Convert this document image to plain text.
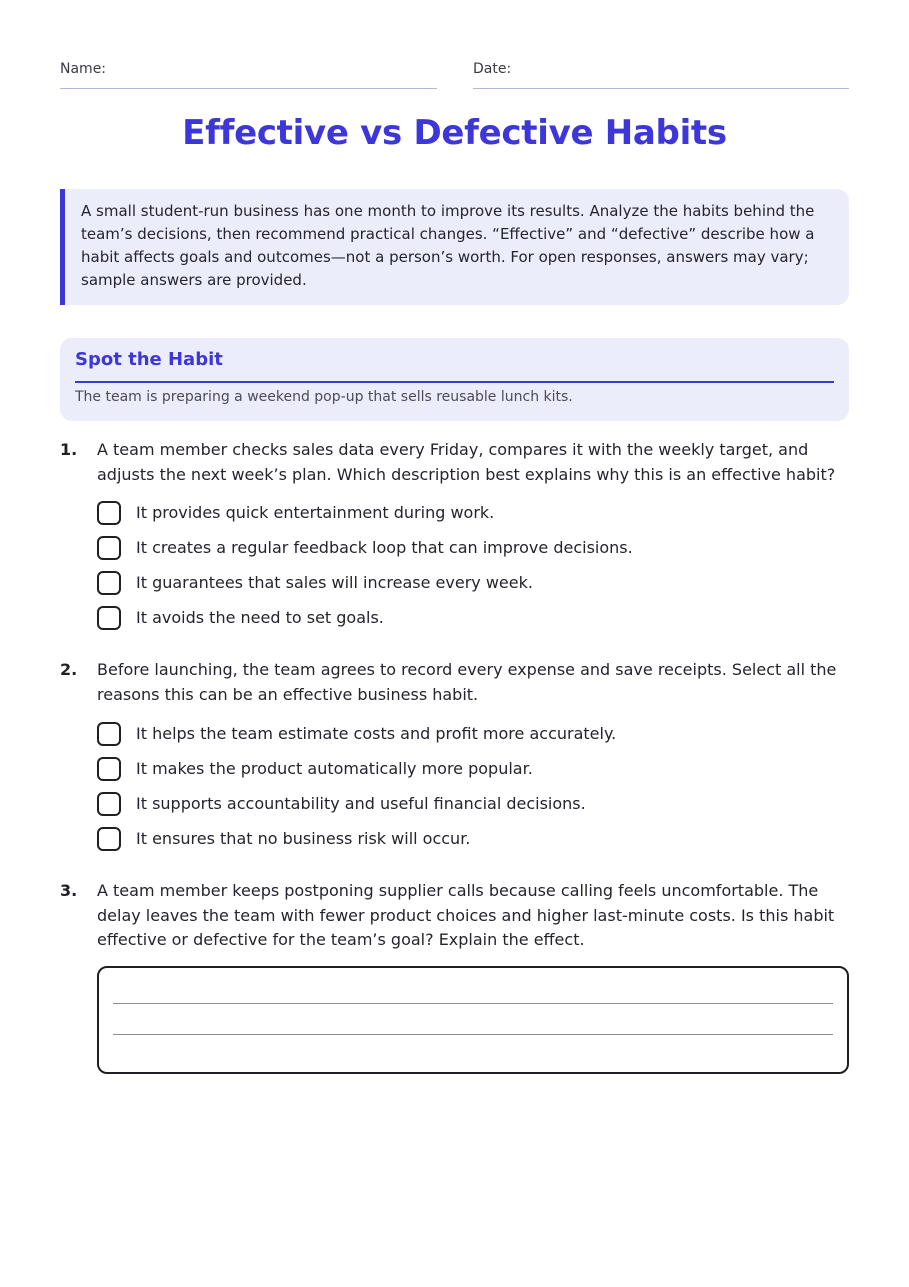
Name:	Date:
Effective vs Defective Habits
A small student-run business has one month to improve its results. Analyze the habits behind the team’s decisions, then recommend practical changes. “Effective” and “defective” describe how a habit affects goals and outcomes—not a person’s worth. For open responses, answers may vary; sample answers are provided.
Spot the Habit
The team is preparing a weekend pop-up that sells reusable lunch kits.
1. A team member checks sales data every Friday, compares it with the weekly target, and adjusts the next week’s plan. Which description best explains why this is an effective habit?
It provides quick entertainment during work.
It creates a regular feedback loop that can improve decisions.
It guarantees that sales will increase every week.
It avoids the need to set goals.
2. Before launching, the team agrees to record every expense and save receipts. Select all the reasons this can be an effective business habit.
It helps the team estimate costs and profit more accurately.
It makes the product automatically more popular.
It supports accountability and useful financial decisions.
It ensures that no business risk will occur.
3. A team member keeps postponing supplier calls because calling feels uncomfortable. The delay leaves the team with fewer product choices and higher last-minute costs. Is this habit effective or defective for the team’s goal? Explain the effect.
